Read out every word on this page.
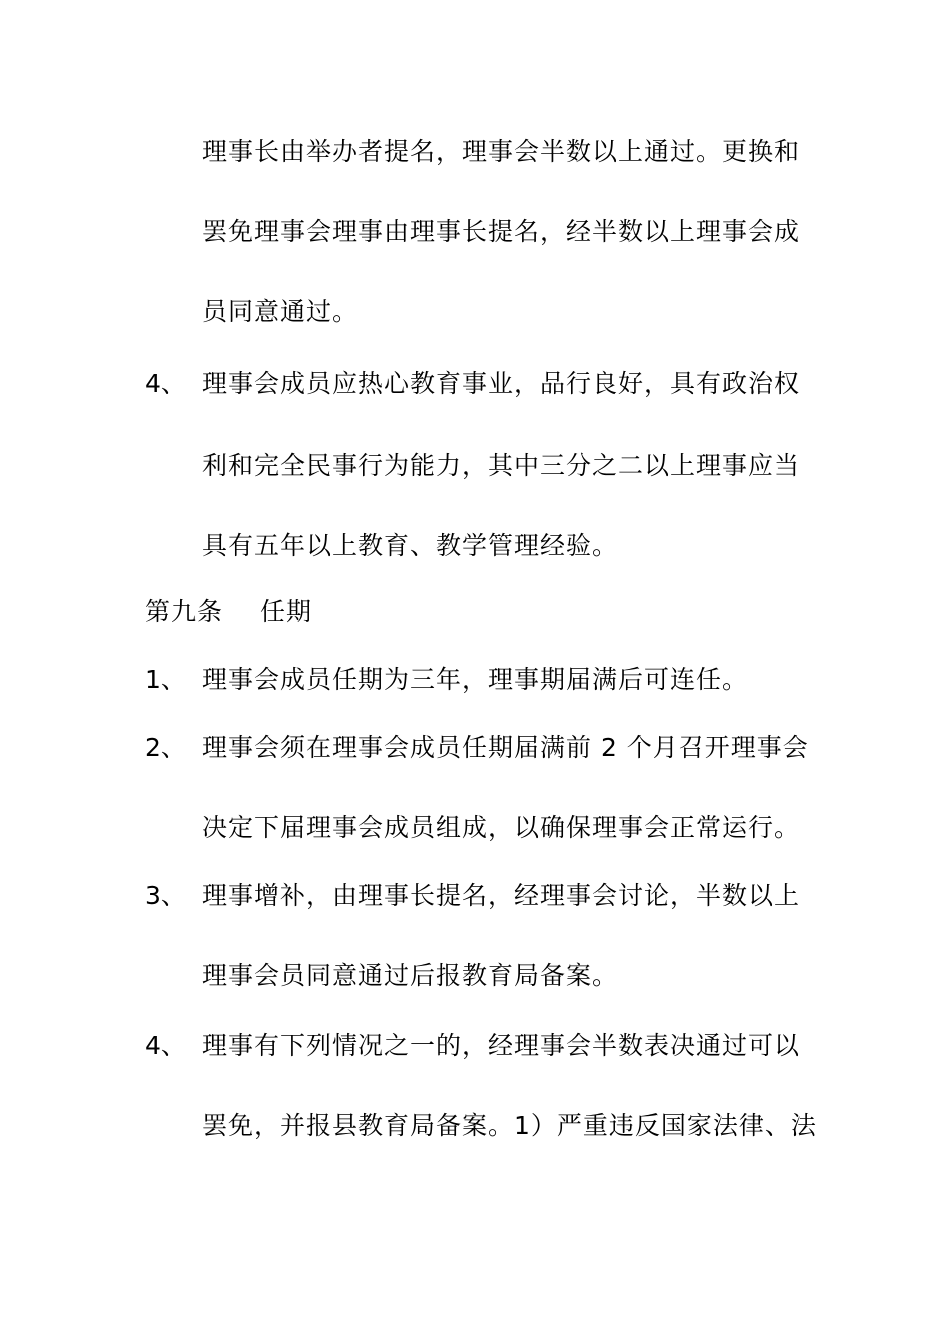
理事长由举办者提名，理事会半数以上通过。更换和
罢免理事会理事由理事长提名，经半数以上理事会成
员同意通过。
4、 理事会成员应热心教育事业，品行良好，具有政治权
利和完全民事行为能力，其中三分之二以上理事应当
具有五年以上教育、教学管理经验。
第九条 任期
1、 理事会成员任期为三年，理事期届满后可连任。
2、 理事会须在理事会成员任期届满前 2 个月召开理事会
决定下届理事会成员组成，以确保理事会正常运行。
3、 理事增补，由理事长提名，经理事会讨论，半数以上
理事会员同意通过后报教育局备案。
4、 理事有下列情况之一的，经理事会半数表决通过可以
罢免，并报县教育局备案。1）严重违反国家法律、法
